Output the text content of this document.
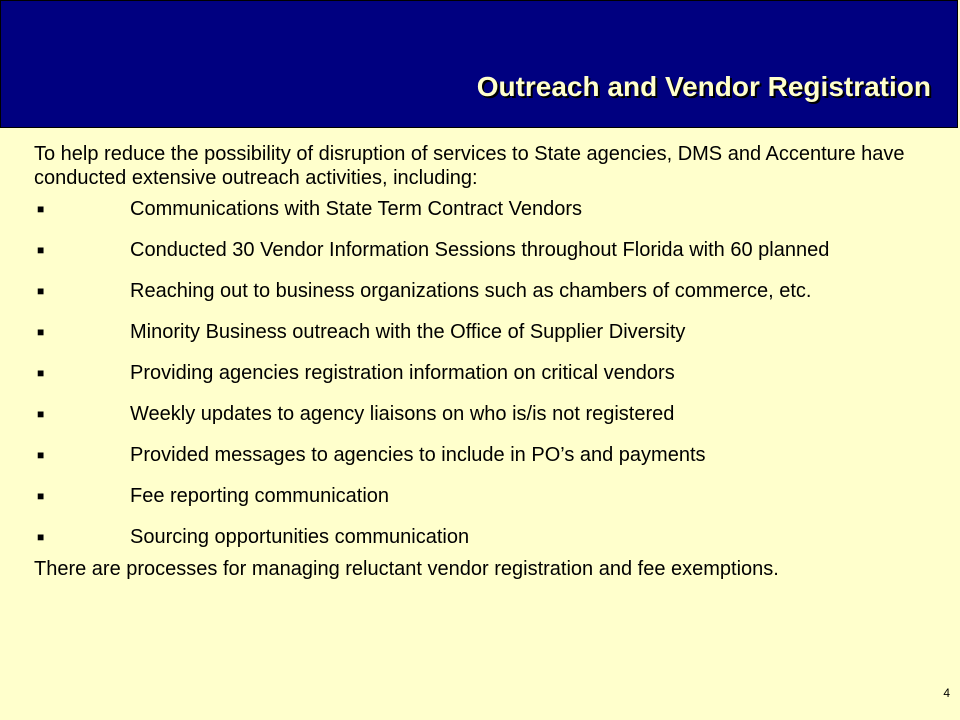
Outreach and Vendor Registration

To help reduce the possibility of disruption of services to State agencies, DMS and Accenture have conducted extensive outreach activities, including:

■	Communications with State Term Contract Vendors
■	Conducted 30 Vendor Information Sessions throughout Florida with 60 planned
■	Reaching out to business organizations such as chambers of commerce, etc.
■	Minority Business outreach with the Office of Supplier Diversity
■	Providing agencies registration information on critical vendors
■	Weekly updates to agency liaisons on who is/is not registered
■	Provided messages to agencies to include in PO’s and payments
■	Fee reporting communication
■	Sourcing opportunities communication

There are processes for managing reluctant vendor registration and fee exemptions.

4
